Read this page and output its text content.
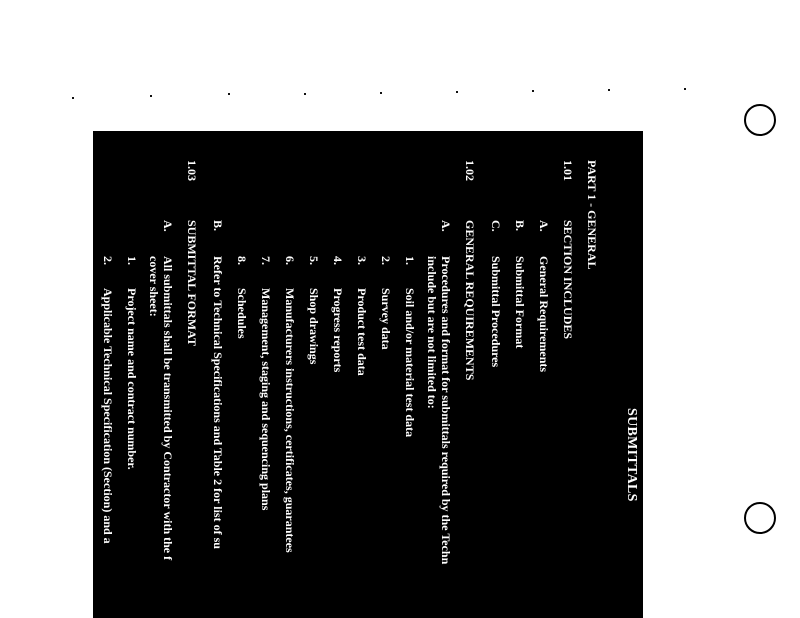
SECTION 01300
SUBMITTALS
PART 1 - GENERAL
1.01
SECTION INCLUDES
A.
General Requirements
B.
Submittal Format
C.
Submittal Procedures
1.02
GENERAL REQUIREMENTS
A.
Procedures and format for submittals required by the Techn
include but are not limited to:
1.
Soil and/or material test data
2.
Survey data
3.
Product test data
4.
Progress reports
5.
Shop drawings
6.
Manufacturers instructions, certificates, guarantees
7.
Management, staging and sequencing plans
8.
Schedules
B.
Refer to Technical Specifications and Table 2 for list of su
1.03
SUBMITTAL FORMAT
A.
All submittals shall be transmitted by Contractor with the f
cover sheet:
1.
Project name and contract number.
2.
Applicable Technical Specification (Section) and a
